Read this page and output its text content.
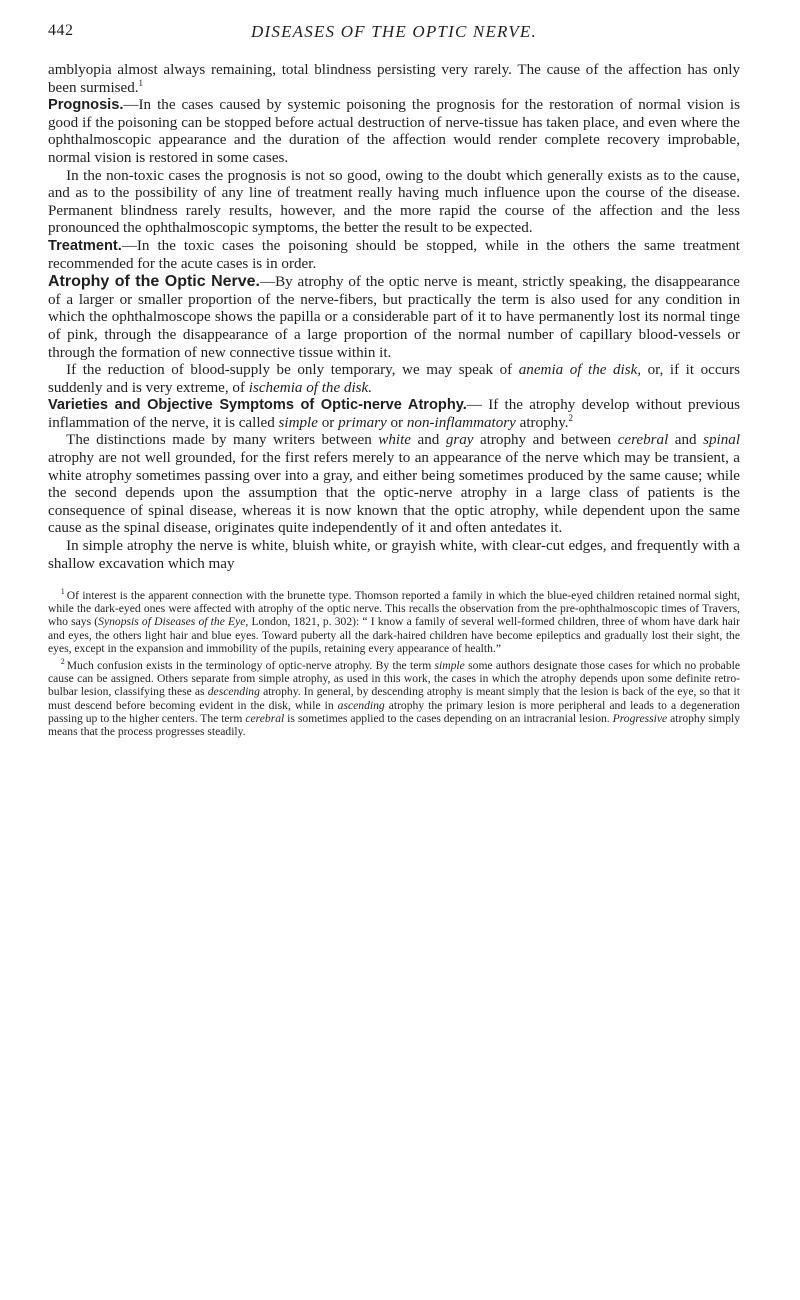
442	DISEASES OF THE OPTIC NERVE.

amblyopia almost always remaining, total blindness persisting very rarely. The cause of the affection has only been surmised.$^1$

Prognosis.—In the cases caused by systemic poisoning the prognosis for the restoration of normal vision is good if the poisoning can be stopped before actual destruction of nerve-tissue has taken place, and even where the ophthalmoscopic appearance and the duration of the affection would render complete recovery improbable, normal vision is restored in some cases.

In the non-toxic cases the prognosis is not so good, owing to the doubt which generally exists as to the cause, and as to the possibility of any line of treatment really having much influence upon the course of the disease. Permanent blindness rarely results, however, and the more rapid the course of the affection and the less pronounced the ophthalmoscopic symptoms, the better the result to be expected.

Treatment.—In the toxic cases the poisoning should be stopped, while in the others the same treatment recommended for the acute cases is in order.

Atrophy of the Optic Nerve.—By atrophy of the optic nerve is meant, strictly speaking, the disappearance of a larger or smaller proportion of the nerve-fibers, but practically the term is also used for any condition in which the ophthalmoscope shows the papilla or a considerable part of it to have permanently lost its normal tinge of pink, through the disappearance of a large proportion of the normal number of capillary blood-vessels or through the formation of new connective tissue within it.

If the reduction of blood-supply be only temporary, we may speak of anemia of the disk, or, if it occurs suddenly and is very extreme, of ischemia of the disk.

Varieties and Objective Symptoms of Optic-nerve Atrophy.— If the atrophy develop without previous inflammation of the nerve, it is called simple or primary or non-inflammatory atrophy.$^2$

The distinctions made by many writers between white and gray atrophy and between cerebral and spinal atrophy are not well grounded, for the first refers merely to an appearance of the nerve which may be transient, a white atrophy sometimes passing over into a gray, and either being sometimes produced by the same cause; while the second depends upon the assumption that the optic-nerve atrophy in a large class of patients is the consequence of spinal disease, whereas it is now known that the optic atrophy, while dependent upon the same cause as the spinal disease, originates quite independently of it and often antedates it.

In simple atrophy the nerve is white, bluish white, or grayish white, with clear-cut edges, and frequently with a shallow excavation which may

$^1$ Of interest is the apparent connection with the brunette type. Thomson reported a family in which the blue-eyed children retained normal sight, while the dark-eyed ones were affected with atrophy of the optic nerve. This recalls the observation from the pre-ophthalmoscopic times of Travers, who says (Synopsis of Diseases of the Eye, London, 1821, p. 302): “ I know a family of several well-formed children, three of whom have dark hair and eyes, the others light hair and blue eyes. Toward puberty all the dark-haired children have become epileptics and gradually lost their sight, the eyes, except in the expansion and immobility of the pupils, retaining every appearance of health.”

$^2$ Much confusion exists in the terminology of optic-nerve atrophy. By the term simple some authors designate those cases for which no probable cause can be assigned. Others separate from simple atrophy, as used in this work, the cases in which the atrophy depends upon some definite retro-bulbar lesion, classifying these as descending atrophy. In general, by descending atrophy is meant simply that the lesion is back of the eye, so that it must descend before becoming evident in the disk, while in ascending atrophy the primary lesion is more peripheral and leads to a degeneration passing up to the higher centers. The term cerebral is sometimes applied to the cases depending on an intracranial lesion. Progressive atrophy simply means that the process progresses steadily.
